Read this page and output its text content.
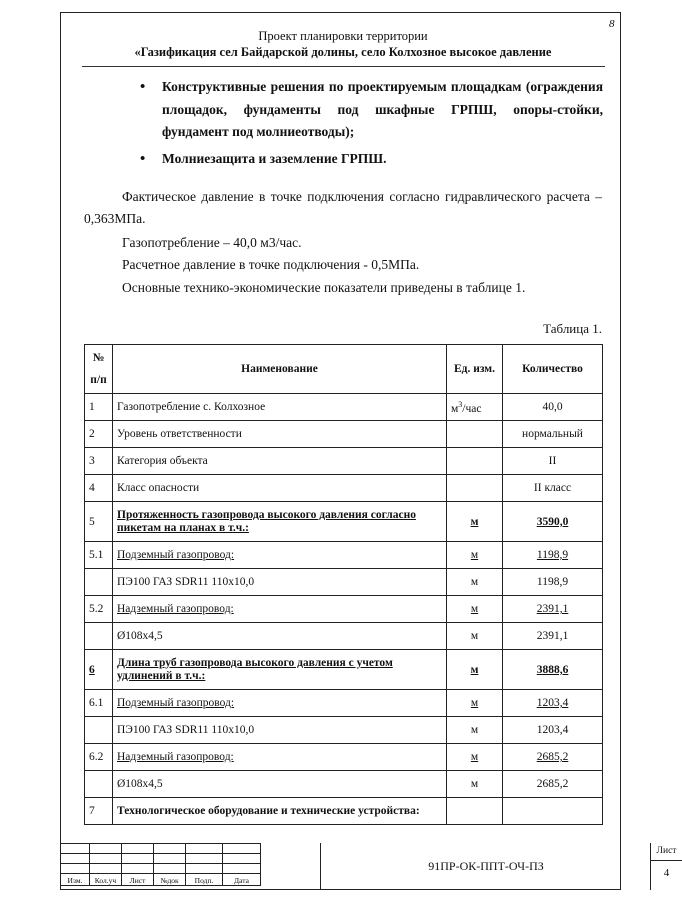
8
Проект планировки территории
«Газификация сел Байдарской долины, село Колхозное высокое давление
• Конструктивные решения по проектируемым площадкам (ограждения площадок, фундаменты под шкафные ГРПШ, опоры-стойки, фундамент под молниеотводы);
• Молниезащита и заземление ГРПШ.
Фактическое давление в точке подключения согласно гидравлического расчета – 0,363МПа.
Газопотребление – 40,0 м3/час.
Расчетное давление в точке подключения - 0,5МПа.
Основные технико-экономические показатели приведены в таблице 1.
Таблица 1.
№ п/п	Наименование	Ед. изм.	Количество
1	Газопотребление с. Колхозное	$м^3$/час	40,0
2	Уровень ответственности		нормальный
3	Категория объекта		II
4	Класс опасности		II класс
5	Протяженность газопровода высокого давления согласно пикетам на планах в т.ч.:	м	3590,0
5.1	Подземный газопровод:	м	1198,9
	ПЭ100 ГАЗ SDR11 110х10,0	м	1198,9
5.2	Надземный газопровод:	м	2391,1
	Ø108х4,5	м	2391,1
6	Длина труб газопровода высокого давления с учетом удлинений в т.ч.:	м	3888,6
6.1	Подземный газопровод:	м	1203,4
	ПЭ100 ГАЗ SDR11 110х10,0	м	1203,4
6.2	Надземный газопровод:	м	2685,2
	Ø108х4,5	м	2685,2
7	Технологическое оборудование и технические устройства:		

Изм.	Кол.уч	Лист	№док	Подп.	Дата
91ПР-ОК-ППТ-ОЧ-ПЗ
Лист
4
